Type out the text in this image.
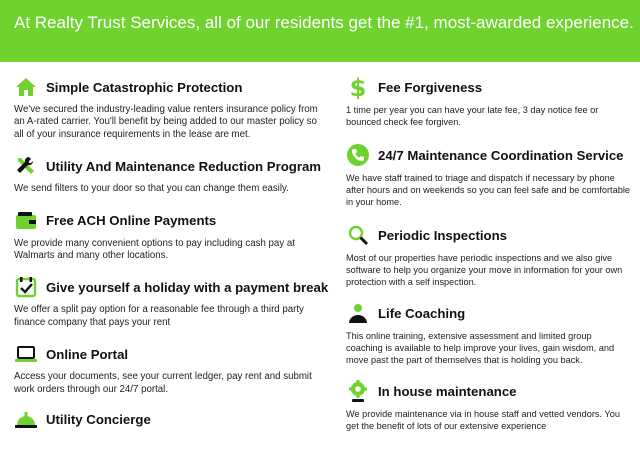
At Realty Trust Services, all of our residents get the #1, most-awarded experience.
Simple Catastrophic Protection
We've secured the industry-leading value renters insurance policy from an A-rated carrier. You'll benefit by being added to our master policy so all of your insurance requirements in the lease are met.
Utility And Maintenance Reduction Program
We send filters to your door so that you can change them easily.
Free ACH Online Payments
We provide many convenient options to pay including cash pay at Walmarts and many other locations.
Give yourself a holiday with a payment break
We offer a split pay option for a reasonable fee through a third party finance company that pays your rent
Online Portal
Access your documents, see your current ledger, pay rent and submit work orders through our 24/7 portal.
Utility Concierge
$ Fee Forgiveness
1 time per year you can have your late fee, 3 day notice fee or bounced check fee forgiven.
24/7 Maintenance Coordination Service
We have staff trained to triage and dispatch if necessary by phone after hours and on weekends so you can feel safe and be comfortable in your home.
Periodic Inspections
Most of our properties have periodic inspections and we also give software to help you organize your move in information for your own protection with a self inspection.
Life Coaching
This online training, extensive assessment and limited group coaching is available to help improve your lives, gain wisdom, and move past the part of themselves that is holding you back.
In house maintenance
We provide maintenance via in house staff and vetted vendors. You get the benefit of lots of our extensive experience
